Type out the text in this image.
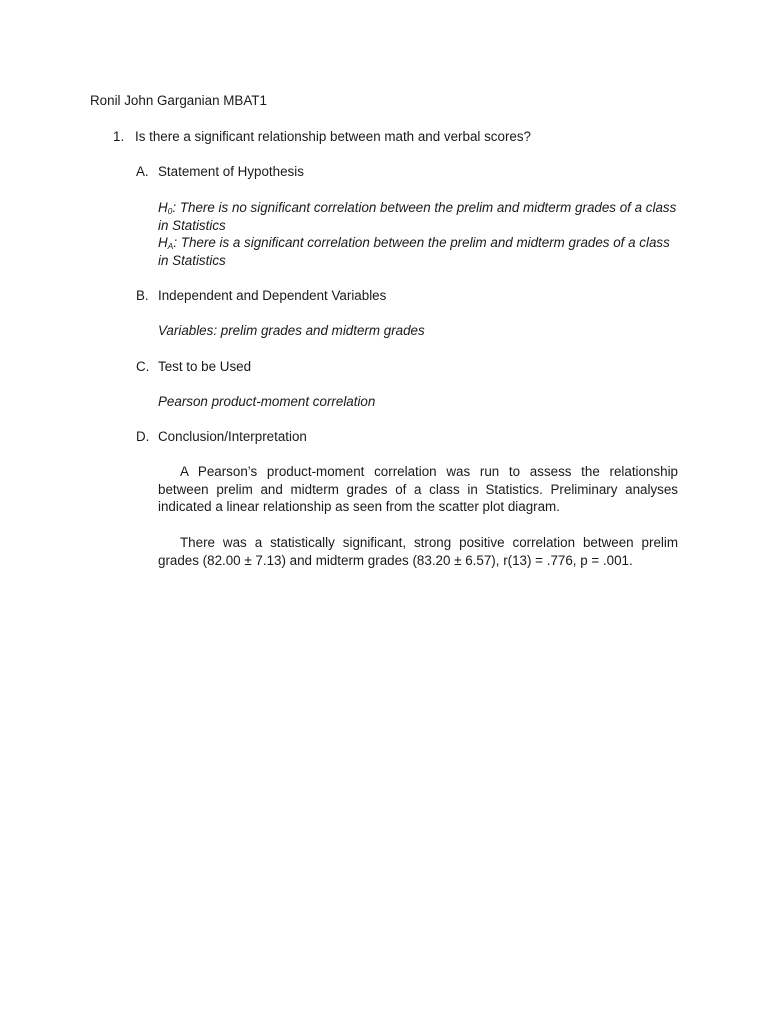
Ronil John Garganian MBAT1
1. Is there a significant relationship between math and verbal scores?
A. Statement of Hypothesis
$H_0$: There is no significant correlation between the prelim and midterm grades of a class in Statistics
$H_A$: There is a significant correlation between the prelim and midterm grades of a class in Statistics
B. Independent and Dependent Variables
Variables: prelim grades and midterm grades
C. Test to be Used
Pearson product-moment correlation
D. Conclusion/Interpretation
A Pearson’s product-moment correlation was run to assess the relationship between prelim and midterm grades of a class in Statistics. Preliminary analyses indicated a linear relationship as seen from the scatter plot diagram.
There was a statistically significant, strong positive correlation between prelim grades (82.00 ± 7.13) and midterm grades (83.20 ± 6.57), r(13) = .776, p = .001.
